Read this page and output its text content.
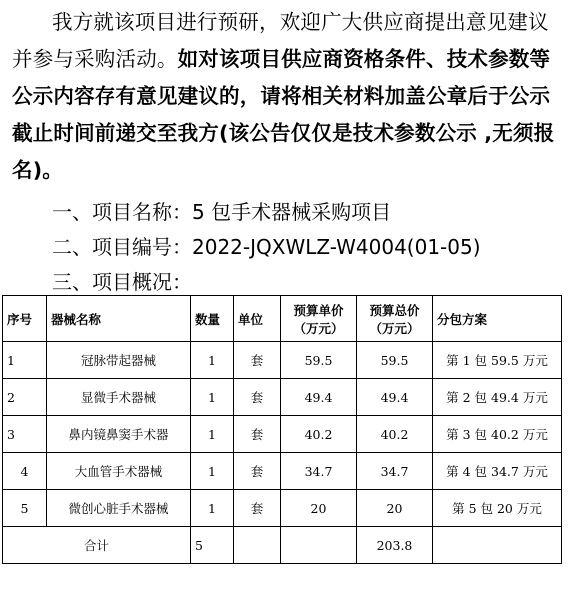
我方就该项目进行预研，欢迎广大供应商提出意见建议
并参与采购活动。如对该项目供应商资格条件、技术参数等
公示内容存有意见建议的，请将相关材料加盖公章后于公示
截止时间前递交至我方(该公告仅仅是技术参数公示 ,无须报
名)。
一、项目名称：5 包手术器械采购项目
二、项目编号：2022-JQXWLZ-W4004(01-05)
三、项目概况：
序号	器械名称	数量	单位	预算单价（万元）	预算总价（万元）	分包方案
1	冠脉带起器械	1	套	59.5	59.5	第 1 包 59.5 万元
2	显微手术器械	1	套	49.4	49.4	第 2 包 49.4 万元
3	鼻内镜鼻窦手术器	1	套	40.2	40.2	第 3 包 40.2 万元
4	大血管手术器械	1	套	34.7	34.7	第 4 包 34.7 万元
5	微创心脏手术器械	1	套	20	20	第 5 包 20 万元
合计		5			203.8	
